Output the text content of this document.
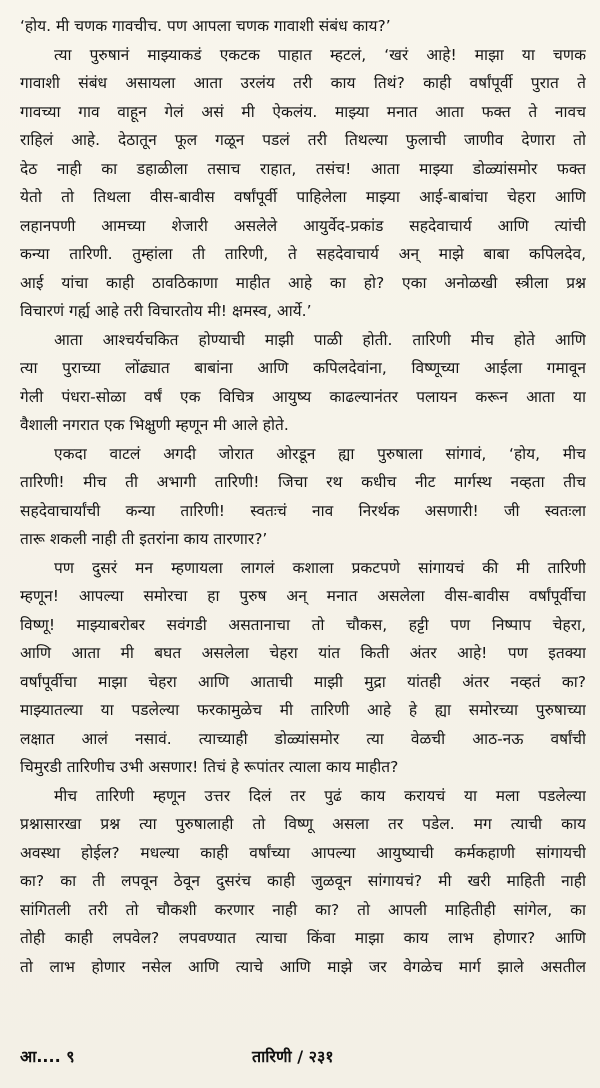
‘होय. मी चणक गावचीच. पण आपला चणक गावाशी संबंध काय?’

त्या पुरुषानं माझ्याकडं एकटक पाहात म्हटलं, ‘खरं आहे! माझा या चणक
गावाशी संबंध असायला आता उरलंय तरी काय तिथं? काही वर्षांपूर्वी पुरात ते
गावच्या गाव वाहून गेलं असं मी ऐकलंय. माझ्या मनात आता फक्त ते नावच
राहिलं आहे. देठातून फूल गळून पडलं तरी तिथल्या फुलाची जाणीव देणारा तो
देठ नाही का डहाळीला तसाच राहात, तसंच! आता माझ्या डोळ्यांसमोर फक्त
येतो तो तिथला वीस-बावीस वर्षांपूर्वी पाहिलेला माझ्या आई-बाबांचा चेहरा आणि
लहानपणी आमच्या शेजारी असलेले आयुर्वेद-प्रकांड सहदेवाचार्य आणि त्यांची
कन्या तारिणी. तुम्हांला ती तारिणी, ते सहदेवाचार्य अन् माझे बाबा कपिलदेव,
आई यांचा काही ठावठिकाणा माहीत आहे का हो? एका अनोळखी स्त्रीला प्रश्न
विचारणं गर्ह्य आहे तरी विचारतोय मी! क्षमस्व, आर्ये.’

आता आश्चर्यचकित होण्याची माझी पाळी होती. तारिणी मीच होते आणि
त्या पुराच्या लोंढ्यात बाबांना आणि कपिलदेवांना, विष्णूच्या आईला गमावून
गेली पंधरा-सोळा वर्षं एक विचित्र आयुष्य काढल्यानंतर पलायन करून आता या
वैशाली नगरात एक भिक्षुणी म्हणून मी आले होते.

एकदा वाटलं अगदी जोरात ओरडून ह्या पुरुषाला सांगावं, ‘होय, मीच
तारिणी! मीच ती अभागी तारिणी! जिचा रथ कधीच नीट मार्गस्थ नव्हता तीच
सहदेवाचार्यांची कन्या तारिणी! स्वतःचं नाव निरर्थक असणारी! जी स्वतःला
तारू शकली नाही ती इतरांना काय तारणार?’

पण दुसरं मन म्हणायला लागलं कशाला प्रकटपणे सांगायचं की मी तारिणी
म्हणून! आपल्या समोरचा हा पुरुष अन् मनात असलेला वीस-बावीस वर्षांपूर्वीचा
विष्णू! माझ्याबरोबर सवंगडी असतानाचा तो चौकस, हट्टी पण निष्पाप चेहरा,
आणि आता मी बघत असलेला चेहरा यांत किती अंतर आहे! पण इतक्या
वर्षांपूर्वीचा माझा चेहरा आणि आताची माझी मुद्रा यांतही अंतर नव्हतं का?
माझ्यातल्या या पडलेल्या फरकामुळेच मी तारिणी आहे हे ह्या समोरच्या पुरुषाच्या
लक्षात आलं नसावं. त्याच्याही डोळ्यांसमोर त्या वेळची आठ-नऊ वर्षांची
चिमुरडी तारिणीच उभी असणार! तिचं हे रूपांतर त्याला काय माहीत?

मीच तारिणी म्हणून उत्तर दिलं तर पुढं काय करायचं या मला पडलेल्या
प्रश्नासारखा प्रश्न त्या पुरुषालाही तो विष्णू असला तर पडेल. मग त्याची काय
अवस्था होईल? मधल्या काही वर्षांच्या आपल्या आयुष्याची कर्मकहाणी सांगायची
का? का ती लपवून ठेवून दुसरंच काही जुळवून सांगायचं? मी खरी माहिती नाही
सांगितली तरी तो चौकशी करणार नाही का? तो आपली माहितीही सांगेल, का
तोही काही लपवेल? लपवण्यात त्याचा किंवा माझा काय लाभ होणार? आणि
तो लाभ होणार नसेल आणि त्याचे आणि माझे जर वेगळेच मार्ग झाले असतील

आ.... ९	तारिणी / २३१
